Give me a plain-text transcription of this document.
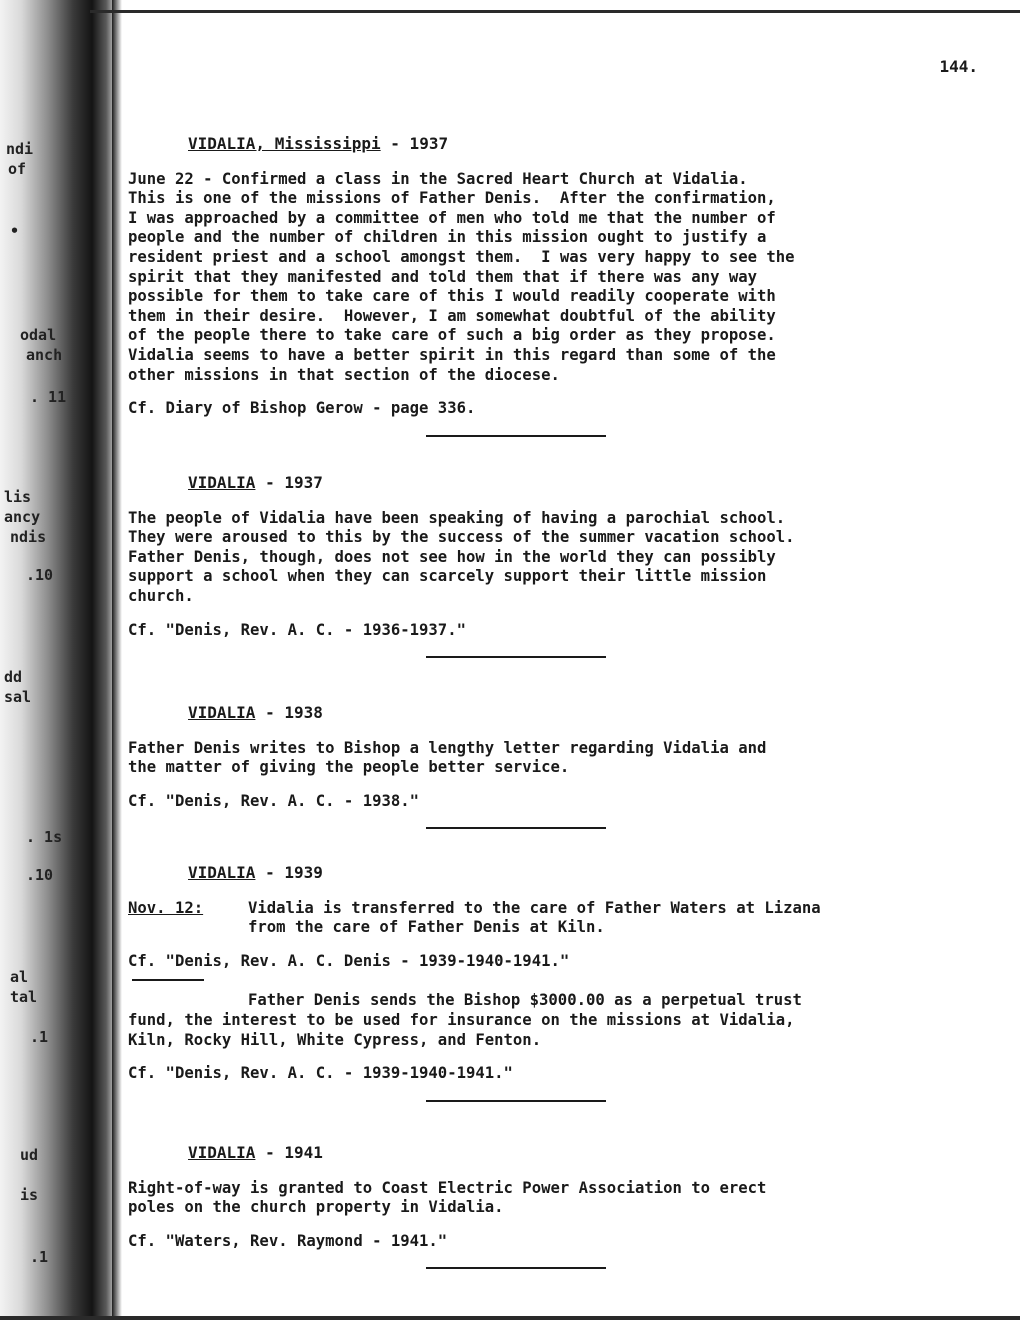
ndi
of
•
odal
anch
. 11
lis
ancy
ndis
.10
dd
sal
. 1s
.10
al
tal
.1
ud
is
.1
144.
VIDALIA, Mississippi - 1937

June 22 - Confirmed a class in the Sacred Heart Church at Vidalia.
This is one of the missions of Father Denis.  After the confirmation,
I was approached by a committee of men who told me that the number of
people and the number of children in this mission ought to justify a
resident priest and a school amongst them.  I was very happy to see the
spirit that they manifested and told them that if there was any way
possible for them to take care of this I would readily cooperate with
them in their desire.  However, I am somewhat doubtful of the ability
of the people there to take care of such a big order as they propose.
Vidalia seems to have a better spirit in this regard than some of the
other missions in that section of the diocese.

Cf. Diary of Bishop Gerow - page 336.

VIDALIA - 1937

The people of Vidalia have been speaking of having a parochial school.
They were aroused to this by the success of the summer vacation school.
Father Denis, though, does not see how in the world they can possibly
support a school when they can scarcely support their little mission
church.

Cf. "Denis, Rev. A. C. - 1936-1937."

VIDALIA - 1938

Father Denis writes to Bishop a lengthy letter regarding Vidalia and
the matter of giving the people better service.

Cf. "Denis, Rev. A. C. - 1938."

VIDALIA - 1939
Nov. 12:	Vidalia is transferred to the care of Father Waters at Lizana
from the care of Father Denis at Kiln.

Cf. "Denis, Rev. A. C. Denis - 1939-1940-1941."

Father Denis sends the Bishop $3000.00 as a perpetual trust
fund, the interest to be used for insurance on the missions at Vidalia,
Kiln, Rocky Hill, White Cypress, and Fenton.

Cf. "Denis, Rev. A. C. - 1939-1940-1941."

VIDALIA - 1941

Right-of-way is granted to Coast Electric Power Association to erect
poles on the church property in Vidalia.

Cf. "Waters, Rev. Raymond - 1941."
